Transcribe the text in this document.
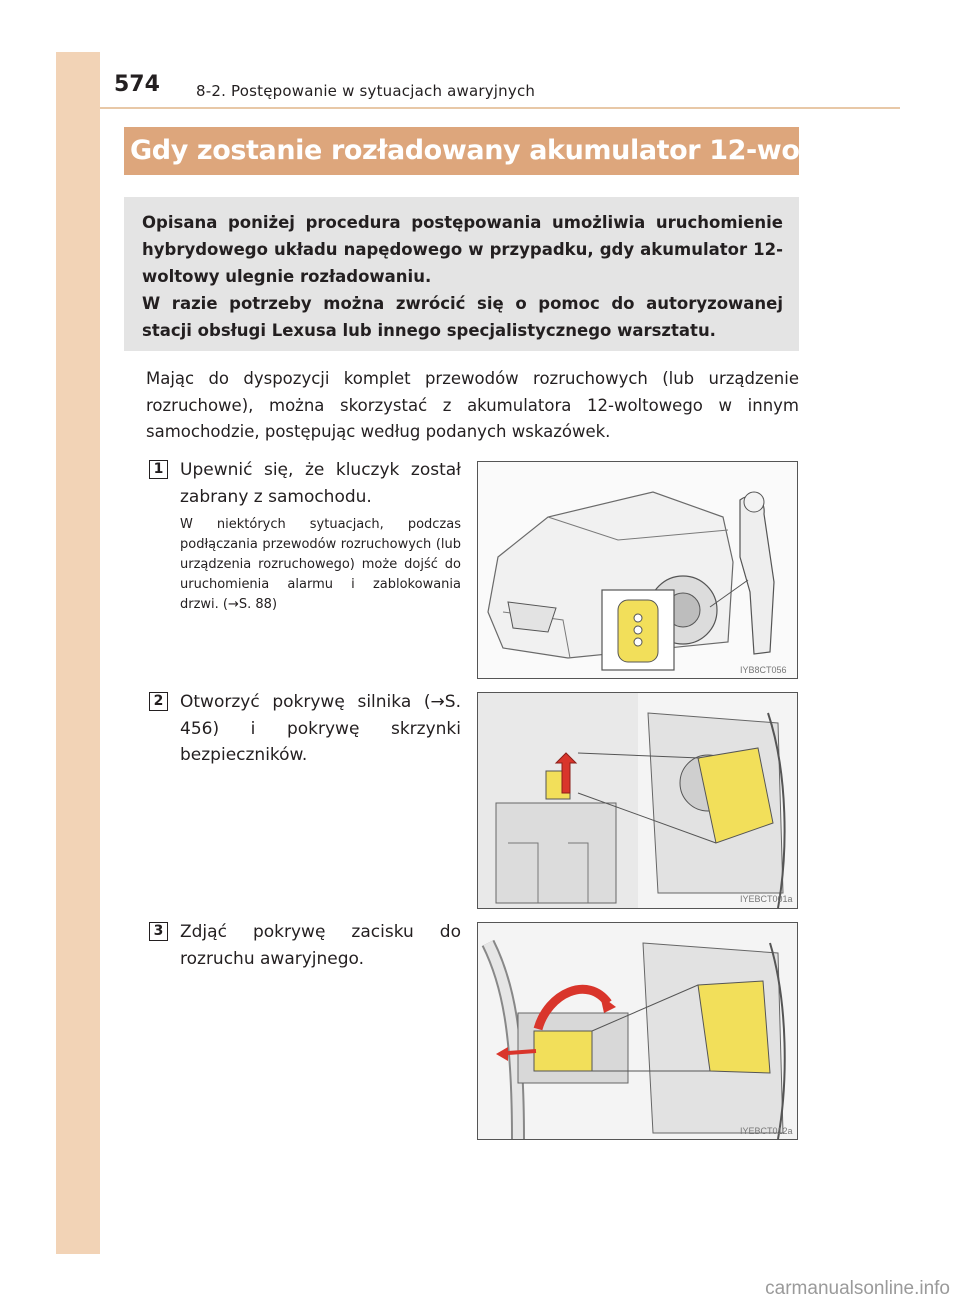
574 8-2. Postępowanie w sytuacjach awaryjnych
Gdy zostanie rozładowany akumulator 12-woltowy

Opisana poniżej procedura postępowania umożliwia uruchomienie hybrydowego układu napędowego w przypadku, gdy akumulator 12-woltowy ulegnie rozładowaniu.

W razie potrzeby można zwrócić się o pomoc do autoryzowanej stacji obsługi Lexusa lub innego specjalistycznego warsztatu.

Mając do dyspozycji komplet przewodów rozruchowych (lub urządzenie rozruchowe), można skorzystać z akumulatora 12-woltowego w innym samochodzie, postępując według podanych wskazówek.

1 Upewnić się, że kluczyk został zabrany z samochodu.

W niektórych sytuacjach, podczas podłączania przewodów rozruchowych (lub urządzenia rozruchowego) może dojść do uruchomienia alarmu i zablokowania drzwi. (→S. 88)

IYB8CT056
2 Otworzyć pokrywę silnika (→S. 456) i pokrywę skrzynki bezpieczników.

IYEBCT001a
3 Zdjąć pokrywę zacisku do rozruchu awaryjnego.

IYEBCT012a
carmanualsonline.info
